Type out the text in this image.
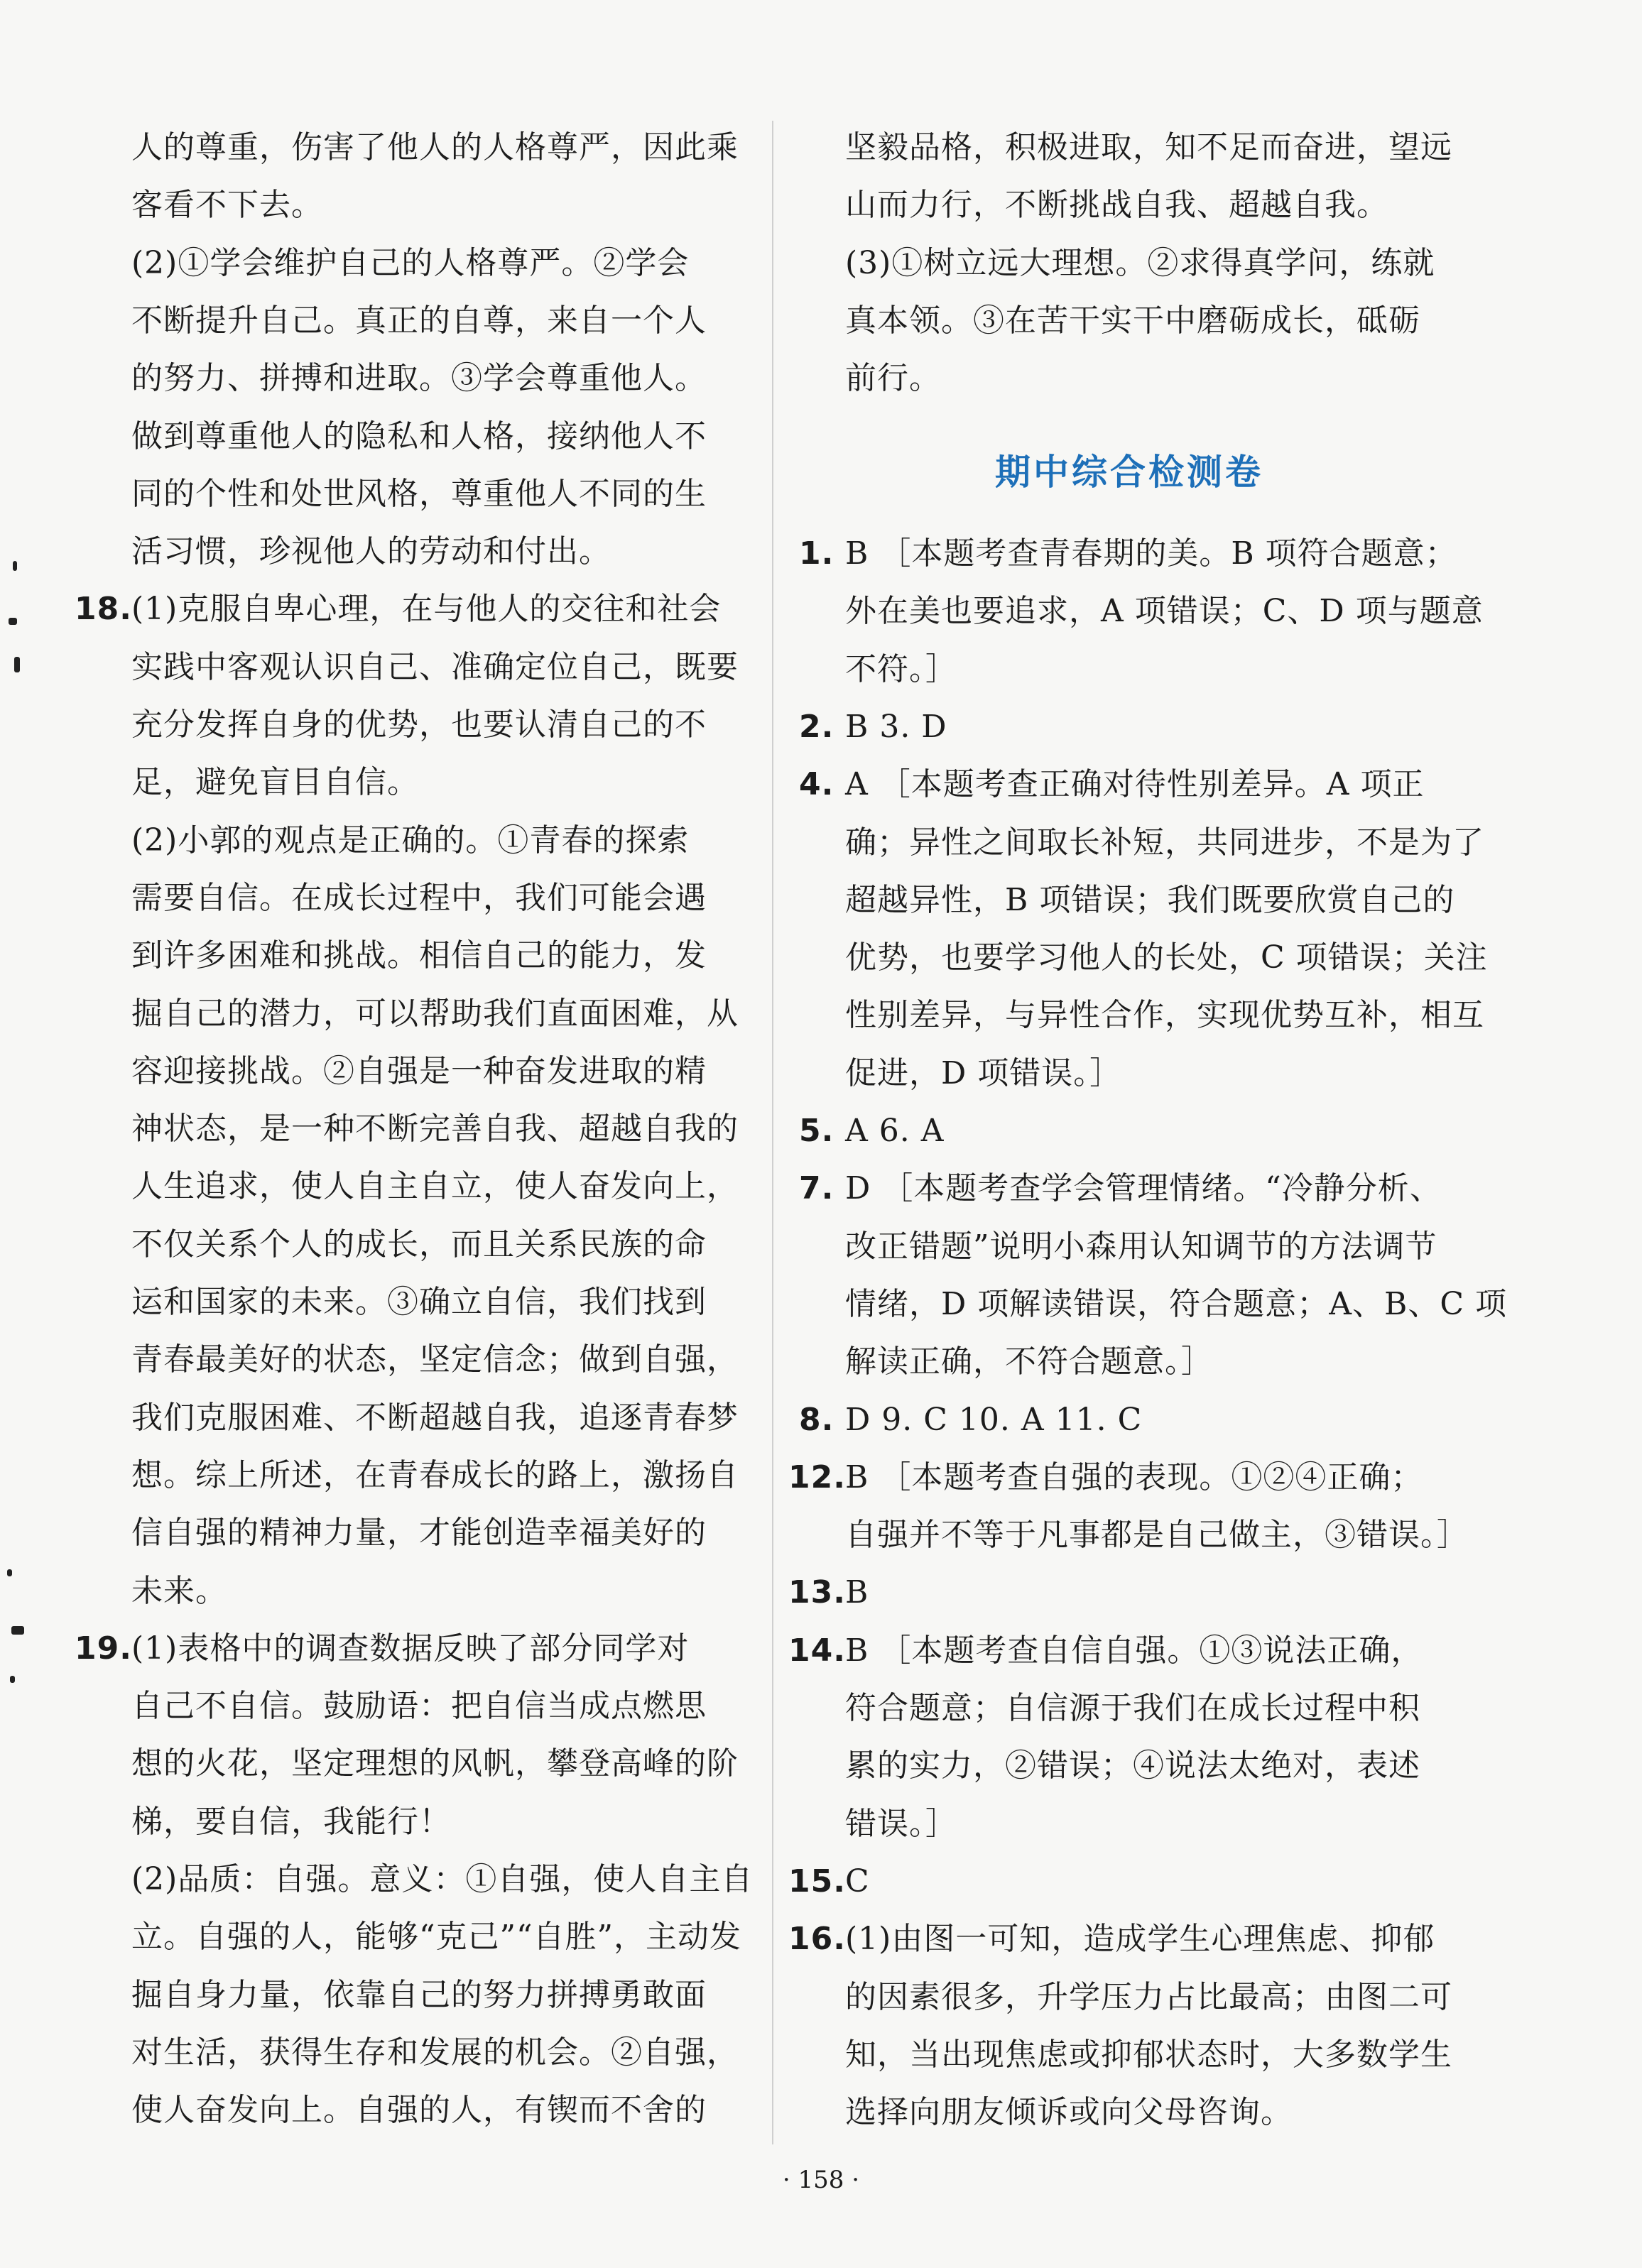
人的尊重，伤害了他人的人格尊严，因此乘
客看不下去。
(2)①学会维护自己的人格尊严。②学会
不断提升自己。真正的自尊，来自一个人
的努力、拼搏和进取。③学会尊重他人。
做到尊重他人的隐私和人格，接纳他人不
同的个性和处世风格，尊重他人不同的生
活习惯，珍视他人的劳动和付出。
18. (1)克服自卑心理，在与他人的交往和社会
实践中客观认识自己、准确定位自己，既要
充分发挥自身的优势，也要认清自己的不
足，避免盲目自信。
(2)小郭的观点是正确的。①青春的探索
需要自信。在成长过程中，我们可能会遇
到许多困难和挑战。相信自己的能力，发
掘自己的潜力，可以帮助我们直面困难，从
容迎接挑战。②自强是一种奋发进取的精
神状态，是一种不断完善自我、超越自我的
人生追求，使人自主自立，使人奋发向上，
不仅关系个人的成长，而且关系民族的命
运和国家的未来。③确立自信，我们找到
青春最美好的状态，坚定信念；做到自强，
我们克服困难、不断超越自我，追逐青春梦
想。综上所述，在青春成长的路上，激扬自
信自强的精神力量，才能创造幸福美好的
未来。
19. (1)表格中的调查数据反映了部分同学对
自己不自信。鼓励语：把自信当成点燃思
想的火花，坚定理想的风帆，攀登高峰的阶
梯，要自信，我能行！
(2)品质：自强。意义：①自强，使人自主自
立。自强的人，能够“克己”“自胜”，主动发
掘自身力量，依靠自己的努力拼搏勇敢面
对生活，获得生存和发展的机会。②自强，
使人奋发向上。自强的人，有锲而不舍的
坚毅品格，积极进取，知不足而奋进，望远
山而力行，不断挑战自我、超越自我。
(3)①树立远大理想。②求得真学问，练就
真本领。③在苦干实干中磨砺成长，砥砺
前行。
1. B ［本题考查青春期的美。B 项符合题意；
外在美也要追求，A 项错误；C、D 项与题意
不符。］
2. B 3. D
4. A ［本题考查正确对待性别差异。A 项正
确；异性之间取长补短，共同进步，不是为了
超越异性，B 项错误；我们既要欣赏自己的
优势，也要学习他人的长处，C 项错误；关注
性别差异，与异性合作，实现优势互补，相互
促进，D 项错误。］
5. A 6. A
7. D ［本题考查学会管理情绪。“冷静分析、
改正错题”说明小森用认知调节的方法调节
情绪，D 项解读错误，符合题意；A、B、C 项
解读正确，不符合题意。］
8. D 9. C 10. A 11. C
12. B ［本题考查自强的表现。①②④正确；
自强并不等于凡事都是自己做主，③错误。］
13. B
14. B ［本题考查自信自强。①③说法正确，
符合题意；自信源于我们在成长过程中积
累的实力，②错误；④说法太绝对，表述
错误。］
15. C
16. (1)由图一可知，造成学生心理焦虑、抑郁
的因素很多，升学压力占比最高；由图二可
知，当出现焦虑或抑郁状态时，大多数学生
选择向朋友倾诉或向父母咨询。
期中综合检测卷
· 158 ·
